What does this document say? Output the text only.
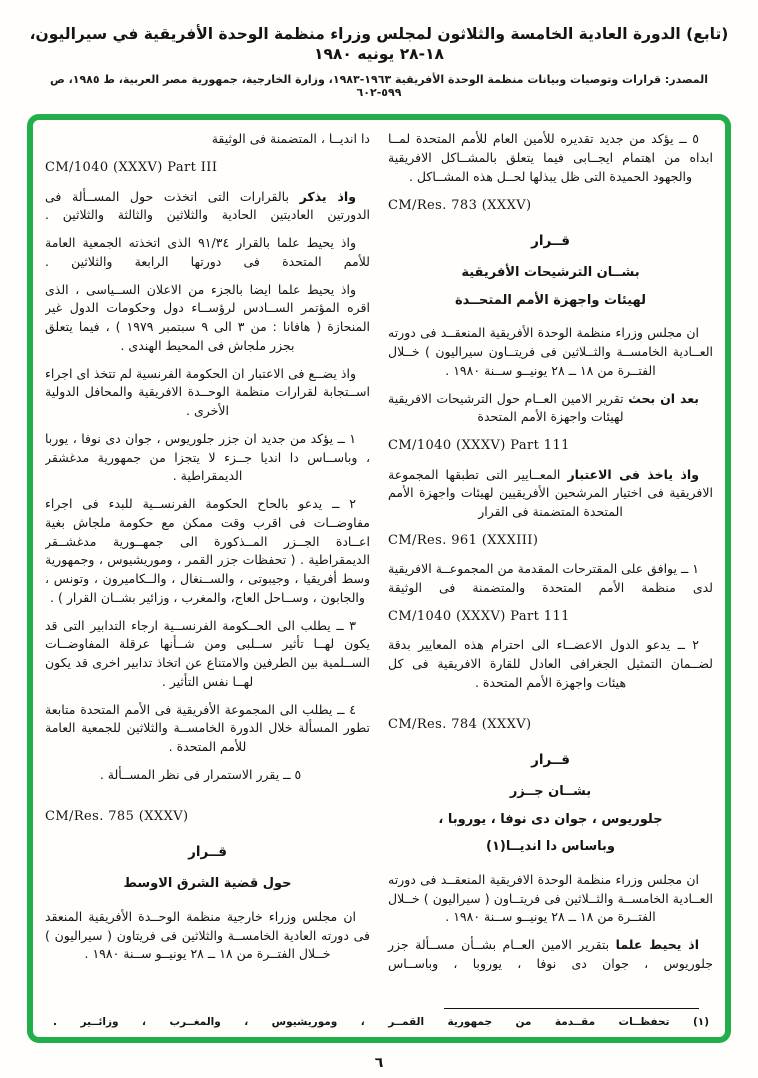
(تابع) الدورة العادية الخامسة والثلاثون لمجلس وزراء منظمة الوحدة الأفريقية في سيراليون، ١٨-٢٨ يونيه ١٩٨٠
المصدر: قرارات وتوصيات وبيانات منظمة الوحدة الأفريقية ١٩٦٣-١٩٨٣، وزارة الخارجية، جمهورية مصر العربية، ط ١٩٨٥، ص ٥٩٩-٦٠٢

٥ ــ يؤكد من جديد تقديره للأمين العام للأمم المتحدة لمــا ابداه من اهتمام ايجــابى فيما يتعلق بالمشــاكل الافريقية والجهود الحميدة التى ظل يبذلها لحــل هذه المشــاكل .

CM/Res. 783 (XXXV)
قــرار
بشــان الترشيحات الأفريقية
لهيئات واجهزة الأمم المتحــدة

ان مجلس وزراء منظمة الوحدة الأفريقية المنعقــد فى دورته العــادية الخامســة والثــلاثين فى فريتــاون سيراليون ) خــلال الفتــرة من ١٨ ــ ٢٨ يونيــو ســنة ١٩٨٠ .

بعد ان بحث تقرير الامين العــام حول الترشيحات الافريقية لهيئات واجهزة الأمم المتحدة

CM/1040 (XXXV) Part 111

واذ ياخذ فى الاعتبار المعــايير التى تطبقها المجموعة الافريقية فى اختيار المرشحين الأفريقيين لهيئات واجهزة الأمم المتحدة المتضمنة فى القرار

CM/Res. 961 (XXXIII)

١ ــ يوافق على المقترحات المقدمة من المجموعــة الافريقية لدى منظمة الأمم المتحدة والمتضمنة فى الوثيقة

CM/1040 (XXXV) Part 111

٢ ــ يدعو الدول الاعضــاء الى احترام هذه المعايير بدقة لضــمان التمثيل الجغرافى العادل للقارة الافريقية فى كل هيئات واجهزة الأمم المتحدة .

CM/Res. 784 (XXXV)
قــرار
بشــان جــزر
جلوريوس ، جوان دى نوفا ، يوروبا ،
وباساس دا انديــا(١)

ان مجلس وزراء منظمة الوحدة الافريقية المنعقــد فى دورته العــادية الخامســة والثــلاثين فى فريتــاون ( سيراليون ) خــلال الفتــرة من ١٨ ــ ٢٨ يونيــو ســنة ١٩٨٠ .

اذ يحيط علما بتقرير الامين العــام بشــأن مســألة جزر جلوريوس ، جوان دى نوفا ، يوروبا ، وباســاس

دا انديــا ، المتضمنة فى الوثيقة

CM/1040 (XXXV) Part III

واذ يذكر بالقرارات التى اتخذت حول المســألة فى الدورتين العاديتين الحادية والثلاثين والثالثة والثلاثين .

واذ يحيط علما بالقرار ٩١/٣٤ الذى اتخذته الجمعية العامة للأمم المتحدة فى دورتها الرابعة والثلاثين .

واذ يحيط علما ايضا بالجزء من الاعلان الســياسى ، الذى اقره المؤتمر الســادس لرؤســاء دول وحكومات الدول غير المنحازة ( هافانا : من ٣ الى ٩ سبتمبر ١٩٧٩ ) ، فيما يتعلق بجزر ملجاش فى المحيط الهندى .

واذ يضــع فى الاعتبار ان الحكومة الفرنسية لم تتخذ اى اجراء اســتجابة لقرارات منظمة الوحــدة الافريقية والمحافل الدولية الأخرى .

١ ــ يؤكد من جديد ان جزر جلوريوس ، جوان دى نوفا ، يوربا ، وباســاس دا انديا جــزء لا يتجزا من جمهورية مدغشقر الديمقراطية .

٢ ــ يدعو بالحاح الحكومة الفرنســية للبدء فى اجراء مفاوضــات فى اقرب وقت ممكن مع حكومة ملجاش بغية اعــادة الجــزر المــذكورة الى جمهــورية مدغشــقر الديمقراطية . ( تحفظات جزر القمر ، وموريشيوس ، وجمهورية وسط أفريقيا ، وجيبوتى ، والســنغال ، والــكاميرون ، وتونس ، والجابون ، وســاحل العاج، والمغرب ، وزائير بشــان القرار ) .

٣ ــ يطلب الى الحــكومة الفرنســية ارجاء التدابير التى قد يكون لهــا تأثير ســلبى ومن شــأنها عرقلة المفاوضــات الســلمية بين الطرفين والامتناع عن اتخاذ تدابير اخرى قد يكون لهــا نفس التأثير .

٤ ــ يطلب الى المجموعة الأفريقية فى الأمم المتحدة متابعة تطور المسألة خلال الدورة الخامســة والثلاثين للجمعية العامة للأمم المتحدة .

٥ ــ يقرر الاستمرار فى نظر المســألة .

CM/Res. 785 (XXXV)
قــرار
حول قضية الشرق الاوسط

ان مجلس وزراء خارجية منظمة الوحــدة الأفريقية المنعقد فى دورته العادية الخامســة والثلاثين فى فريتاون ( سيراليون ) خــلال الفتــرة من ١٨ ــ ٢٨ يونيــو ســنة ١٩٨٠ .

(١) تحفظــات مقــدمة من جمهورية القمــر ، وموريشيوس ، والمغــرب ، وزائــير .
٦
